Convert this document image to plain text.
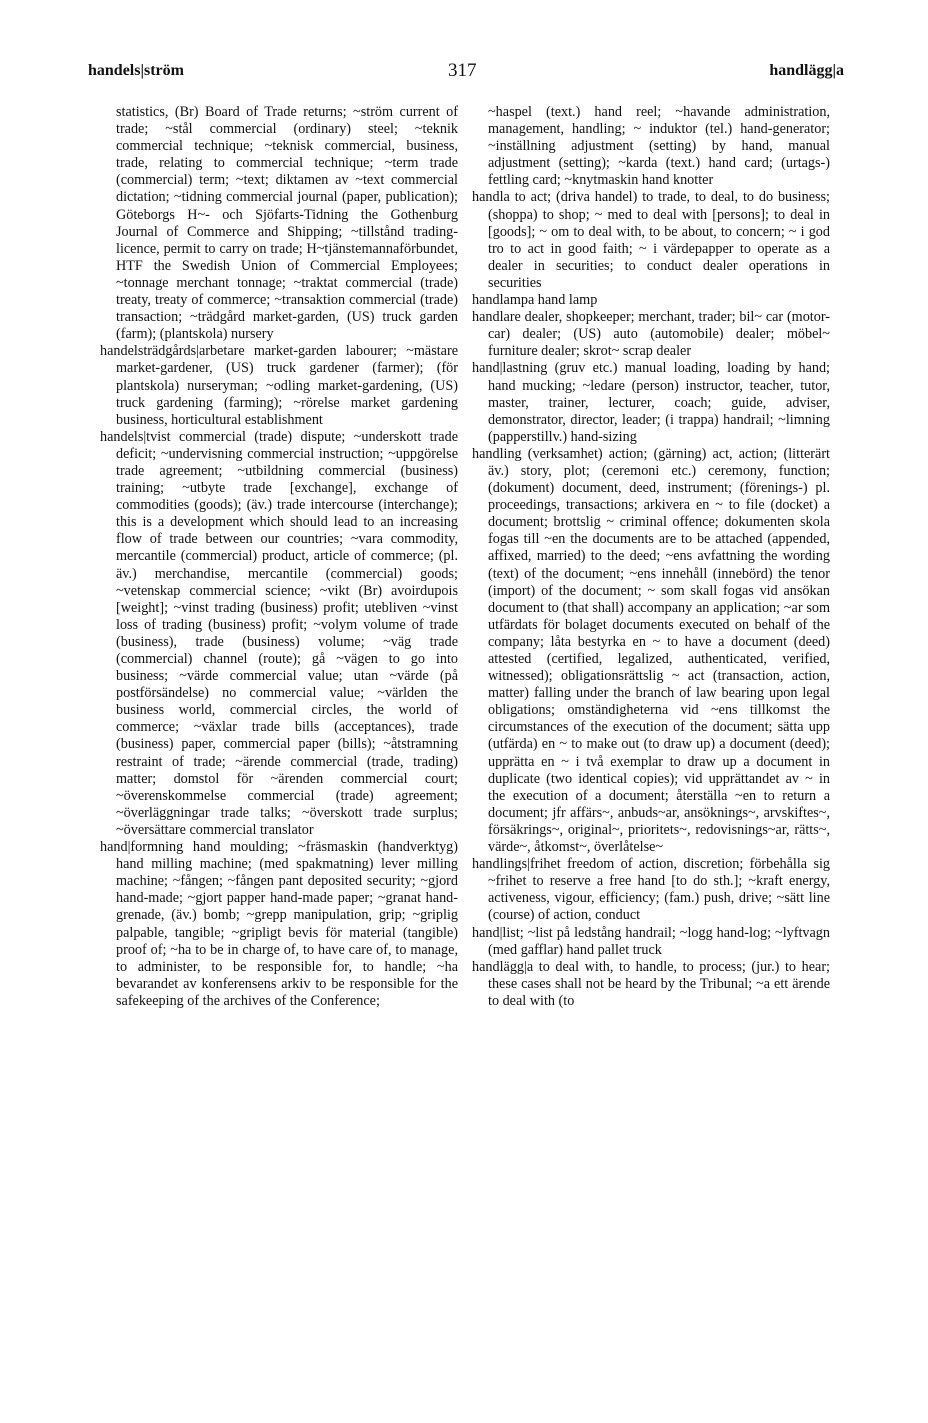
handels|ström	317	handlägg|a

statistics, (Br) Board of Trade returns; ~ström current of trade; ~stål commercial (ordinary) steel; ~teknik commercial technique; ~teknisk commercial, business, trade, relating to commercial technique; ~term trade (commercial) term; ~text; diktamen av ~text commercial dictation; ~tidning commercial journal (paper, publication); Göteborgs H~- och Sjöfarts-Tidning the Gothenburg Journal of Commerce and Shipping; ~tillstånd trading-licence, permit to carry on trade; H~tjänstemannaförbundet, HTF the Swedish Union of Commercial Employees; ~tonnage merchant tonnage; ~traktat commercial (trade) treaty, treaty of commerce; ~transaktion commercial (trade) transaction; ~trädgård market-garden, (US) truck garden (farm); (plantskola) nursery

handelsträdgårds|arbetare market-garden labourer; ~mästare market-gardener, (US) truck gardener (farmer); (för plantskola) nurseryman; ~odling market-gardening, (US) truck gardening (farming); ~rörelse market gardening business, horticultural establishment

handels|tvist commercial (trade) dispute; ~underskott trade deficit; ~undervisning commercial instruction; ~uppgörelse trade agreement; ~utbildning commercial (business) training; ~utbyte trade [exchange], exchange of commodities (goods); (äv.) trade intercourse (interchange); this is a development which should lead to an increasing flow of trade between our countries; ~vara commodity, mercantile (commercial) product, article of commerce; (pl. äv.) merchandise, mercantile (commercial) goods; ~vetenskap commercial science; ~vikt (Br) avoirdupois [weight]; ~vinst trading (business) profit; utebliven ~vinst loss of trading (business) profit; ~volym volume of trade (business), trade (business) volume; ~väg trade (commercial) channel (route); gå ~vägen to go into business; ~värde commercial value; utan ~värde (på postförsändelse) no commercial value; ~världen the business world, commercial circles, the world of commerce; ~växlar trade bills (acceptances), trade (business) paper, commercial paper (bills); ~åtstramning restraint of trade; ~ärende commercial (trade, trading) matter; domstol för ~ärenden commercial court; ~överenskommelse commercial (trade) agreement; ~överläggningar trade talks; ~överskott trade surplus; ~översättare commercial translator

hand|formning hand moulding; ~fräsmaskin (handverktyg) hand milling machine; (med spakmatning) lever milling machine; ~fången; ~fången pant deposited security; ~gjord hand-made; ~gjort papper hand-made paper; ~granat hand-grenade, (äv.) bomb; ~grepp manipulation, grip; ~griplig palpable, tangible; ~gripligt bevis för material (tangible) proof of; ~ha to be in charge of, to have care of, to manage, to administer, to be responsible for, to handle; ~ha bevarandet av konferensens arkiv to be responsible for the safekeeping of the archives of the Conference;

~haspel (text.) hand reel; ~havande administration, management, handling; ~ induktor (tel.) hand-generator; ~inställning adjustment (setting) by hand, manual adjustment (setting); ~karda (text.) hand card; (urtags-) fettling card; ~knytmaskin hand knotter

handla to act; (driva handel) to trade, to deal, to do business; (shoppa) to shop; ~ med to deal with [persons]; to deal in [goods]; ~ om to deal with, to be about, to concern; ~ i god tro to act in good faith; ~ i värdepapper to operate as a dealer in securities; to conduct dealer operations in securities

handlampa hand lamp

handlare dealer, shopkeeper; merchant, trader; bil~ car (motor-car) dealer; (US) auto (automobile) dealer; möbel~ furniture dealer; skrot~ scrap dealer

hand|lastning (gruv etc.) manual loading, loading by hand; hand mucking; ~ledare (person) instructor, teacher, tutor, master, trainer, lecturer, coach; guide, adviser, demonstrator, director, leader; (i trappa) handrail; ~limning (papperstillv.) hand-sizing

handling (verksamhet) action; (gärning) act, action; (litterärt äv.) story, plot; (ceremoni etc.) ceremony, function; (dokument) document, deed, instrument; (förenings-) pl. proceedings, transactions; arkivera en ~ to file (docket) a document; brottslig ~ criminal offence; dokumenten skola fogas till ~en the documents are to be attached (appended, affixed, married) to the deed; ~ens avfattning the wording (text) of the document; ~ens innehåll (innebörd) the tenor (import) of the document; ~ som skall fogas vid ansökan document to (that shall) accompany an application; ~ar som utfärdats för bolaget documents executed on behalf of the company; låta bestyrka en ~ to have a document (deed) attested (certified, legalized, authenticated, verified, witnessed); obligationsrättslig ~ act (transaction, action, matter) falling under the branch of law bearing upon legal obligations; omständigheterna vid ~ens tillkomst the circumstances of the execution of the document; sätta upp (utfärda) en ~ to make out (to draw up) a document (deed); upprätta en ~ i två exemplar to draw up a document in duplicate (two identical copies); vid upprättandet av ~ in the execution of a document; återställa ~en to return a document; jfr affärs~, anbuds~ar, ansöknings~, arvskiftes~, försäkrings~, original~, prioritets~, redovisnings~ar, rätts~, värde~, åtkomst~, överlåtelse~

handlings|frihet freedom of action, discretion; förbehålla sig ~frihet to reserve a free hand [to do sth.]; ~kraft energy, activeness, vigour, efficiency; (fam.) push, drive; ~sätt line (course) of action, conduct

hand|list; ~list på ledstång handrail; ~logg hand-log; ~lyftvagn (med gafflar) hand pallet truck

handlägg|a to deal with, to handle, to process; (jur.) to hear; these cases shall not be heard by the Tribunal; ~a ett ärende to deal with (to
